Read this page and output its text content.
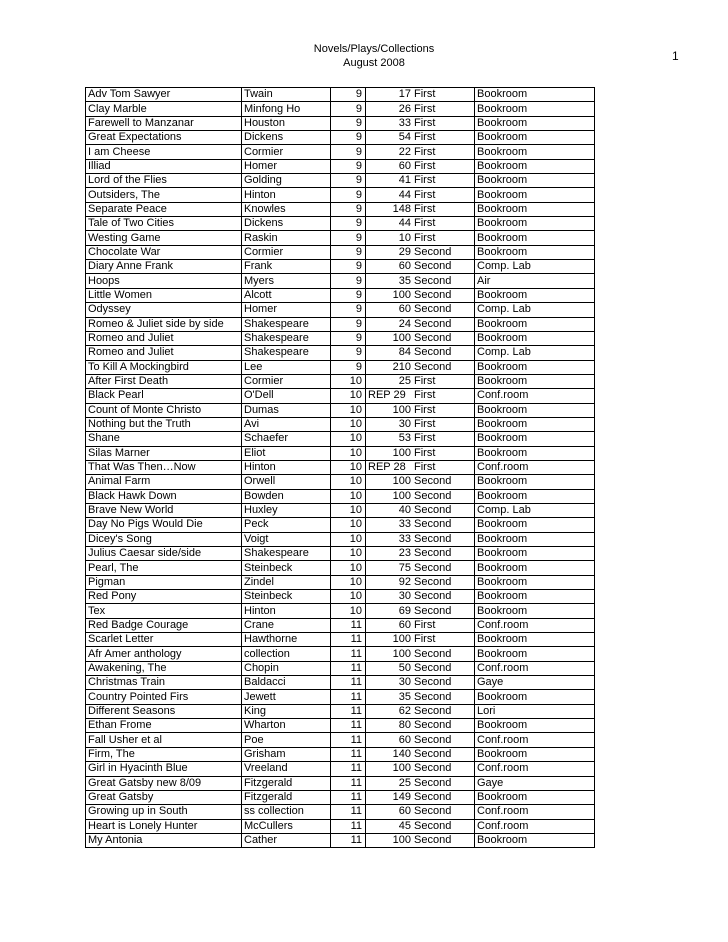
Novels/Plays/Collections
August 2008	1
Adv Tom Sawyer	Twain	9	17	First	Bookroom
Clay Marble	Minfong Ho	9	26	First	Bookroom
Farewell to Manzanar	Houston	9	33	First	Bookroom
Great Expectations	Dickens	9	54	First	Bookroom
I am Cheese	Cormier	9	22	First	Bookroom
Illiad	Homer	9	60	First	Bookroom
Lord of the Flies	Golding	9	41	First	Bookroom
Outsiders, The	Hinton	9	44	First	Bookroom
Separate Peace	Knowles	9	148	First	Bookroom
Tale of Two Cities	Dickens	9	44	First	Bookroom
Westing Game	Raskin	9	10	First	Bookroom
Chocolate War	Cormier	9	29	Second	Bookroom
Diary Anne Frank	Frank	9	60	Second	Comp. Lab
Hoops	Myers	9	35	Second	Air
Little Women	Alcott	9	100	Second	Bookroom
Odyssey	Homer	9	60	Second	Comp. Lab
Romeo & Juliet side by side	Shakespeare	9	24	Second	Bookroom
Romeo and Juliet	Shakespeare	9	100	Second	Bookroom
Romeo and Juliet	Shakespeare	9	84	Second	Comp. Lab
To Kill A Mockingbird	Lee	9	210	Second	Bookroom
After First Death	Cormier	10	25	First	Bookroom
Black Pearl	O'Dell	10	REP 29	First	Conf.room
Count of Monte Christo	Dumas	10	100	First	Bookroom
Nothing but the Truth	Avi	10	30	First	Bookroom
Shane	Schaefer	10	53	First	Bookroom
Silas Marner	Eliot	10	100	First	Bookroom
That Was Then…Now	Hinton	10	REP 28	First	Conf.room
Animal Farm	Orwell	10	100	Second	Bookroom
Black Hawk Down	Bowden	10	100	Second	Bookroom
Brave New World	Huxley	10	40	Second	Comp. Lab
Day No Pigs Would Die	Peck	10	33	Second	Bookroom
Dicey's Song	Voigt	10	33	Second	Bookroom
Julius Caesar side/side	Shakespeare	10	23	Second	Bookroom
Pearl, The	Steinbeck	10	75	Second	Bookroom
Pigman	Zindel	10	92	Second	Bookroom
Red Pony	Steinbeck	10	30	Second	Bookroom
Tex	Hinton	10	69	Second	Bookroom
Red Badge Courage	Crane	11	60	First	Conf.room
Scarlet Letter	Hawthorne	11	100	First	Bookroom
Afr Amer anthology	collection	11	100	Second	Bookroom
Awakening, The	Chopin	11	50	Second	Conf.room
Christmas Train	Baldacci	11	30	Second	Gaye
Country Pointed Firs	Jewett	11	35	Second	Bookroom
Different Seasons	King	11	62	Second	Lori
Ethan Frome	Wharton	11	80	Second	Bookroom
Fall Usher et al	Poe	11	60	Second	Conf.room
Firm, The	Grisham	11	140	Second	Bookroom
Girl in Hyacinth Blue	Vreeland	11	100	Second	Conf.room
Great Gatsby new 8/09	Fitzgerald	11	25	Second	Gaye
Great Gatsby	Fitzgerald	11	149	Second	Bookroom
Growing up in South	ss collection	11	60	Second	Conf.room
Heart is Lonely Hunter	McCullers	11	45	Second	Conf.room
My Antonia	Cather	11	100	Second	Bookroom
